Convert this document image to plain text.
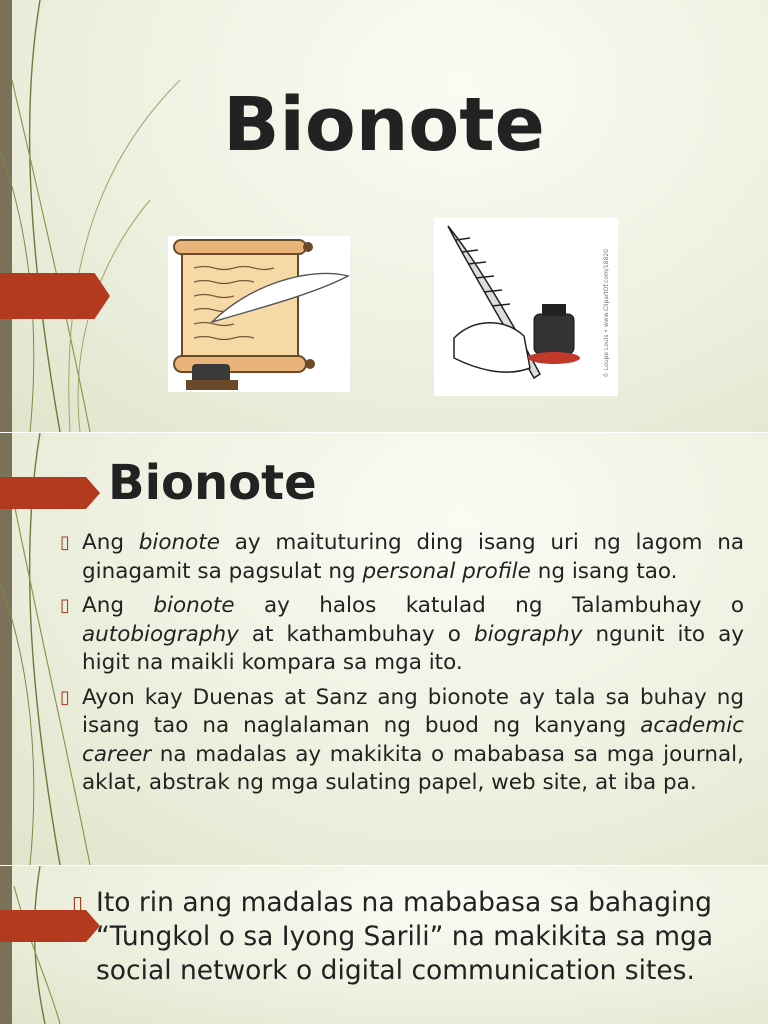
Bionote
© Loupe Louis • www.ClipartOf.com/18820
Bionote
▯ Ang bionote ay maituturing ding isang uri ng lagom na ginagamit sa pagsulat ng personal profile ng isang tao.
▯ Ang bionote ay halos katulad ng Talambuhay o autobiography at kathambuhay o biography ngunit ito ay higit na maikli kompara sa mga ito.
▯ Ayon kay Duenas at Sanz ang bionote ay tala sa buhay ng isang tao na naglalaman ng buod ng kanyang academic career na madalas ay makikita o mababasa sa mga journal, aklat, abstrak ng mga sulating papel, web site, at iba pa.
▯ Ito rin ang madalas na mababasa sa bahaging “Tungkol o sa Iyong Sarili” na makikita sa mga social network o digital communication sites.
